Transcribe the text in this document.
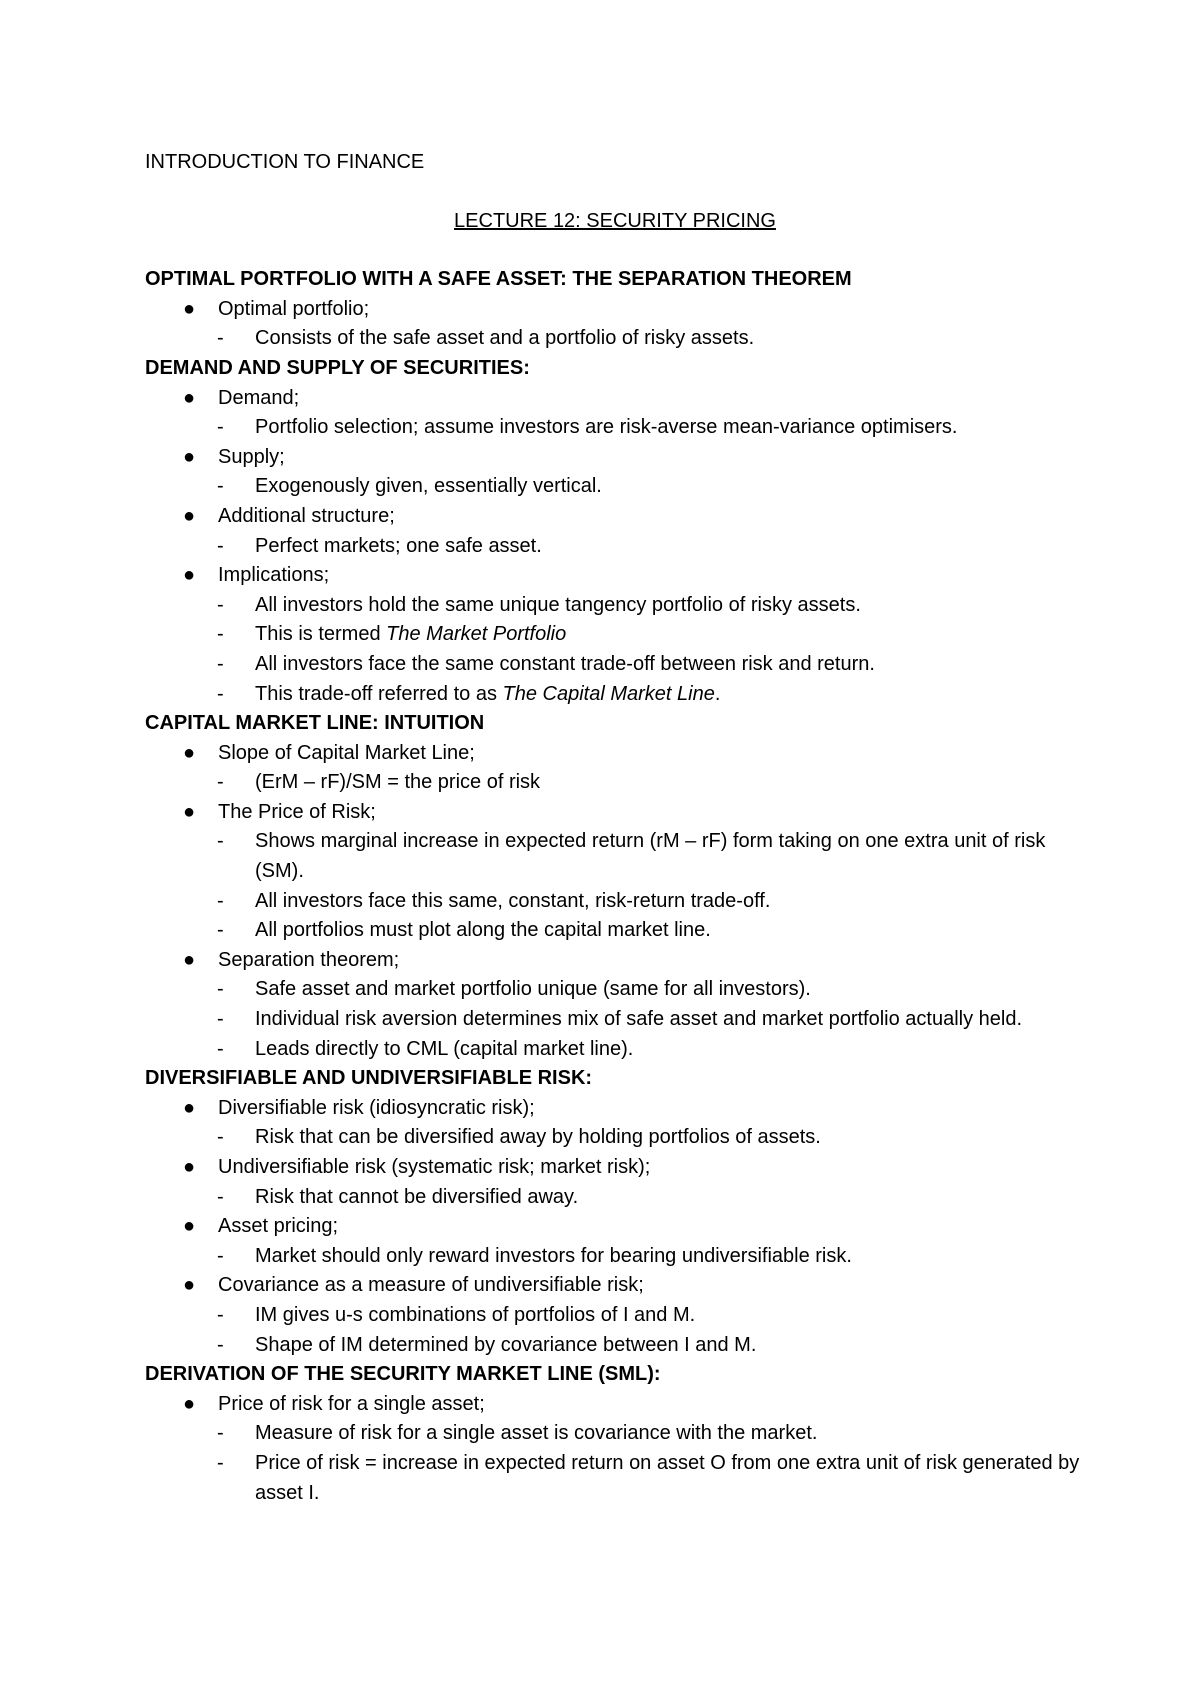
INTRODUCTION TO FINANCE
LECTURE 12: SECURITY PRICING
OPTIMAL PORTFOLIO WITH A SAFE ASSET: THE SEPARATION THEOREM
● Optimal portfolio;
- Consists of the safe asset and a portfolio of risky assets.
DEMAND AND SUPPLY OF SECURITIES:
● Demand;
- Portfolio selection; assume investors are risk-averse mean-variance optimisers.
● Supply;
- Exogenously given, essentially vertical.
● Additional structure;
- Perfect markets; one safe asset.
● Implications;
- All investors hold the same unique tangency portfolio of risky assets.
- This is termed The Market Portfolio
- All investors face the same constant trade-off between risk and return.
- This trade-off referred to as The Capital Market Line.
CAPITAL MARKET LINE: INTUITION
● Slope of Capital Market Line;
- (ErM – rF)/SM = the price of risk
● The Price of Risk;
- Shows marginal increase in expected return (rM – rF) form taking on one extra unit of risk (SM).
- All investors face this same, constant, risk-return trade-off.
- All portfolios must plot along the capital market line.
● Separation theorem;
- Safe asset and market portfolio unique (same for all investors).
- Individual risk aversion determines mix of safe asset and market portfolio actually held.
- Leads directly to CML (capital market line).
DIVERSIFIABLE AND UNDIVERSIFIABLE RISK:
● Diversifiable risk (idiosyncratic risk);
- Risk that can be diversified away by holding portfolios of assets.
● Undiversifiable risk (systematic risk; market risk);
- Risk that cannot be diversified away.
● Asset pricing;
- Market should only reward investors for bearing undiversifiable risk.
● Covariance as a measure of undiversifiable risk;
- IM gives u-s combinations of portfolios of I and M.
- Shape of IM determined by covariance between I and M.
DERIVATION OF THE SECURITY MARKET LINE (SML):
● Price of risk for a single asset;
- Measure of risk for a single asset is covariance with the market.
- Price of risk = increase in expected return on asset O from one extra unit of risk generated by asset I.
